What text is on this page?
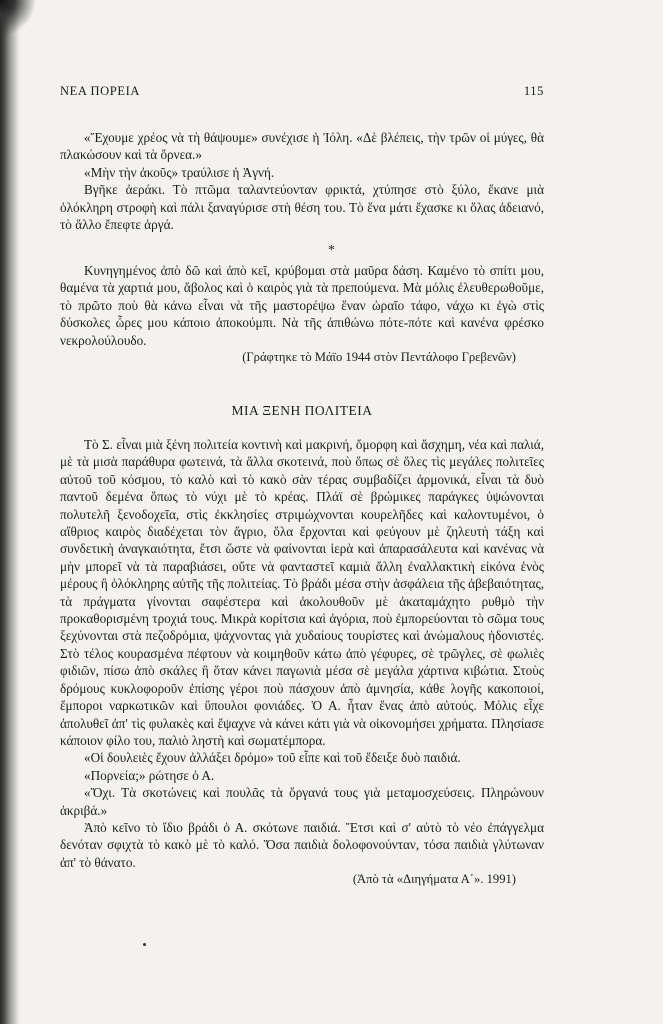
ΝΕΑ ΠΟΡΕΙΑ	115

«Ἔχουμε χρέος νὰ τὴ θάψουμε» συνέχισε ἡ Ἰόλη. «Δὲ βλέπεις, τὴν τρῶν οἱ μύγες, θὰ πλακώσουν καὶ τὰ ὄρνεα.»

«Μὴν τὴν ἀκοῦς» τραύλισε ἡ Ἁγνή.

Βγῆκε ἀεράκι. Τὸ πτῶμα ταλαντεύονταν φρικτά, χτύπησε στὸ ξύλο, ἔκανε μιὰ ὁλόκληρη στροφὴ καὶ πάλι ξαναγύρισε στὴ θέση του. Τὸ ἕνα μάτι ἔχασκε κι ὅλας ἀδειανό, τὸ ἄλλο ἔπεφτε ἀργά.

*

Κυνηγημένος ἀπὸ δῶ καὶ ἀπὸ κεῖ, κρύβομαι στὰ μαῦρα δάση. Καμένο τὸ σπίτι μου, θαμένα τὰ χαρτιά μου, ἄβολος καὶ ὁ καιρὸς γιὰ τὰ πρεπούμενα. Μὰ μόλις ἐλευθερωθοῦμε, τὸ πρῶτο ποὺ θὰ κάνω εἶναι νὰ τῆς μαστορέψω ἕναν ὡραῖο τάφο, νάχω κι ἐγὼ στὶς δύσκολες ὧρες μου κάποιο ἀποκούμπι. Νὰ τῆς ἀπιθώνω πότε-πότε καὶ κανένα φρέσκο νεκρολούλουδο.

(Γράφτηκε τὸ Μάϊο 1944 στὸν Πεντάλοφο Γρεβενῶν)

ΜΙΑ ΞΕΝΗ ΠΟΛΙΤΕΙΑ

Τὸ Σ. εἶναι μιὰ ξένη πολιτεία κοντινὴ καὶ μακρινή, ὄμορφη καὶ ἄσχημη, νέα καὶ παλιά, μὲ τὰ μισὰ παράθυρα φωτεινά, τὰ ἄλλα σκοτεινά, ποὺ ὅπως σὲ ὅλες τὶς μεγάλες πολιτεῖες αὐτοῦ τοῦ κόσμου, τὸ καλὸ καὶ τὸ κακὸ σὰν τέρας συμβαδίζει ἁρμονικά, εἶναι τὰ δυὸ παντοῦ δεμένα ὅπως τὸ νύχι μὲ τὸ κρέας. Πλάϊ σὲ βρώμικες παράγκες ὑψώνονται πολυτελῆ ξενοδοχεῖα, στὶς ἐκκλησίες στριμώχνονται κουρελῆδες καὶ καλοντυμένοι, ὁ αἴθριος καιρὸς διαδέχεται τὸν ἄγριο, ὅλα ἔρχονται καὶ φεύγουν μὲ ζηλευτὴ τάξη καὶ συνδετικὴ ἀναγκαιότητα, ἔτσι ὥστε νὰ φαίνονται ἱερὰ καὶ ἀπαρασάλευτα καὶ κανένας νὰ μὴν μπορεῖ νὰ τὰ παραβιάσει, οὔτε νὰ φανταστεῖ καμιὰ ἄλλη ἐναλλακτικὴ εἰκόνα ἑνὸς μέρους ἢ ὁλόκληρης αὐτῆς τῆς πολιτείας. Τὸ βράδι μέσα στὴν ἀσφάλεια τῆς ἀβεβαιότητας, τὰ πράγματα γίνονται σαφέστερα καὶ ἀκολουθοῦν μὲ ἀκαταμάχητο ρυθμὸ τὴν προκαθορισμένη τροχιά τους. Μικρὰ κορίτσια καὶ ἀγόρια, ποὺ ἐμπορεύονται τὸ σῶμα τους ξεχύνονται στὰ πεζοδρόμια, ψάχνοντας γιὰ χυδαίους τουρίστες καὶ ἀνώμαλους ἡδονιστές. Στὸ τέλος κουρασμένα πέφτουν νὰ κοιμηθοῦν κάτω ἀπὸ γέφυρες, σὲ τρῶγλες, σὲ φωλιὲς φιδιῶν, πίσω ἀπὸ σκάλες ἢ ὅταν κάνει παγωνιὰ μέσα σὲ μεγάλα χάρτινα κιβώτια. Στοὺς δρόμους κυκλοφοροῦν ἐπίσης γέροι ποὺ πάσχουν ἀπὸ ἀμνησία, κάθε λογῆς κακοποιοί, ἔμποροι ναρκωτικῶν καὶ ὕπουλοι φονιάδες. Ὁ Α. ἦταν ἕνας ἀπὸ αὐτούς. Μόλις εἶχε ἀπολυθεῖ ἀπ' τὶς φυλακὲς καὶ ἔψαχνε νὰ κάνει κάτι γιὰ νὰ οἰκονομήσει χρήματα. Πλησίασε κάποιον φίλο του, παλιὸ ληστὴ καὶ σωματέμπορα.

«Οἱ δουλειὲς ἔχουν ἀλλάξει δρόμο» τοῦ εἶπε καὶ τοῦ ἔδειξε δυὸ παιδιά.

«Πορνεία;» ρώτησε ὁ Α.

«Ὄχι. Τὰ σκοτώνεις καὶ πουλᾶς τὰ ὄργανά τους γιὰ μεταμοσχεύσεις. Πληρώνουν ἀκριβά.»

Ἀπὸ κεῖνο τὸ ἴδιο βράδι ὁ Α. σκότωνε παιδιά. Ἔτσι καὶ σ' αὐτὸ τὸ νέο ἐπάγγελμα δενόταν σφιχτὰ τὸ κακὸ μὲ τὸ καλό. Ὅσα παιδιὰ δολοφονούνταν, τόσα παιδιὰ γλύτωναν ἀπ' τὸ θάνατο.

(Ἀπὸ τὰ «Διηγήματα Α΄». 1991)
